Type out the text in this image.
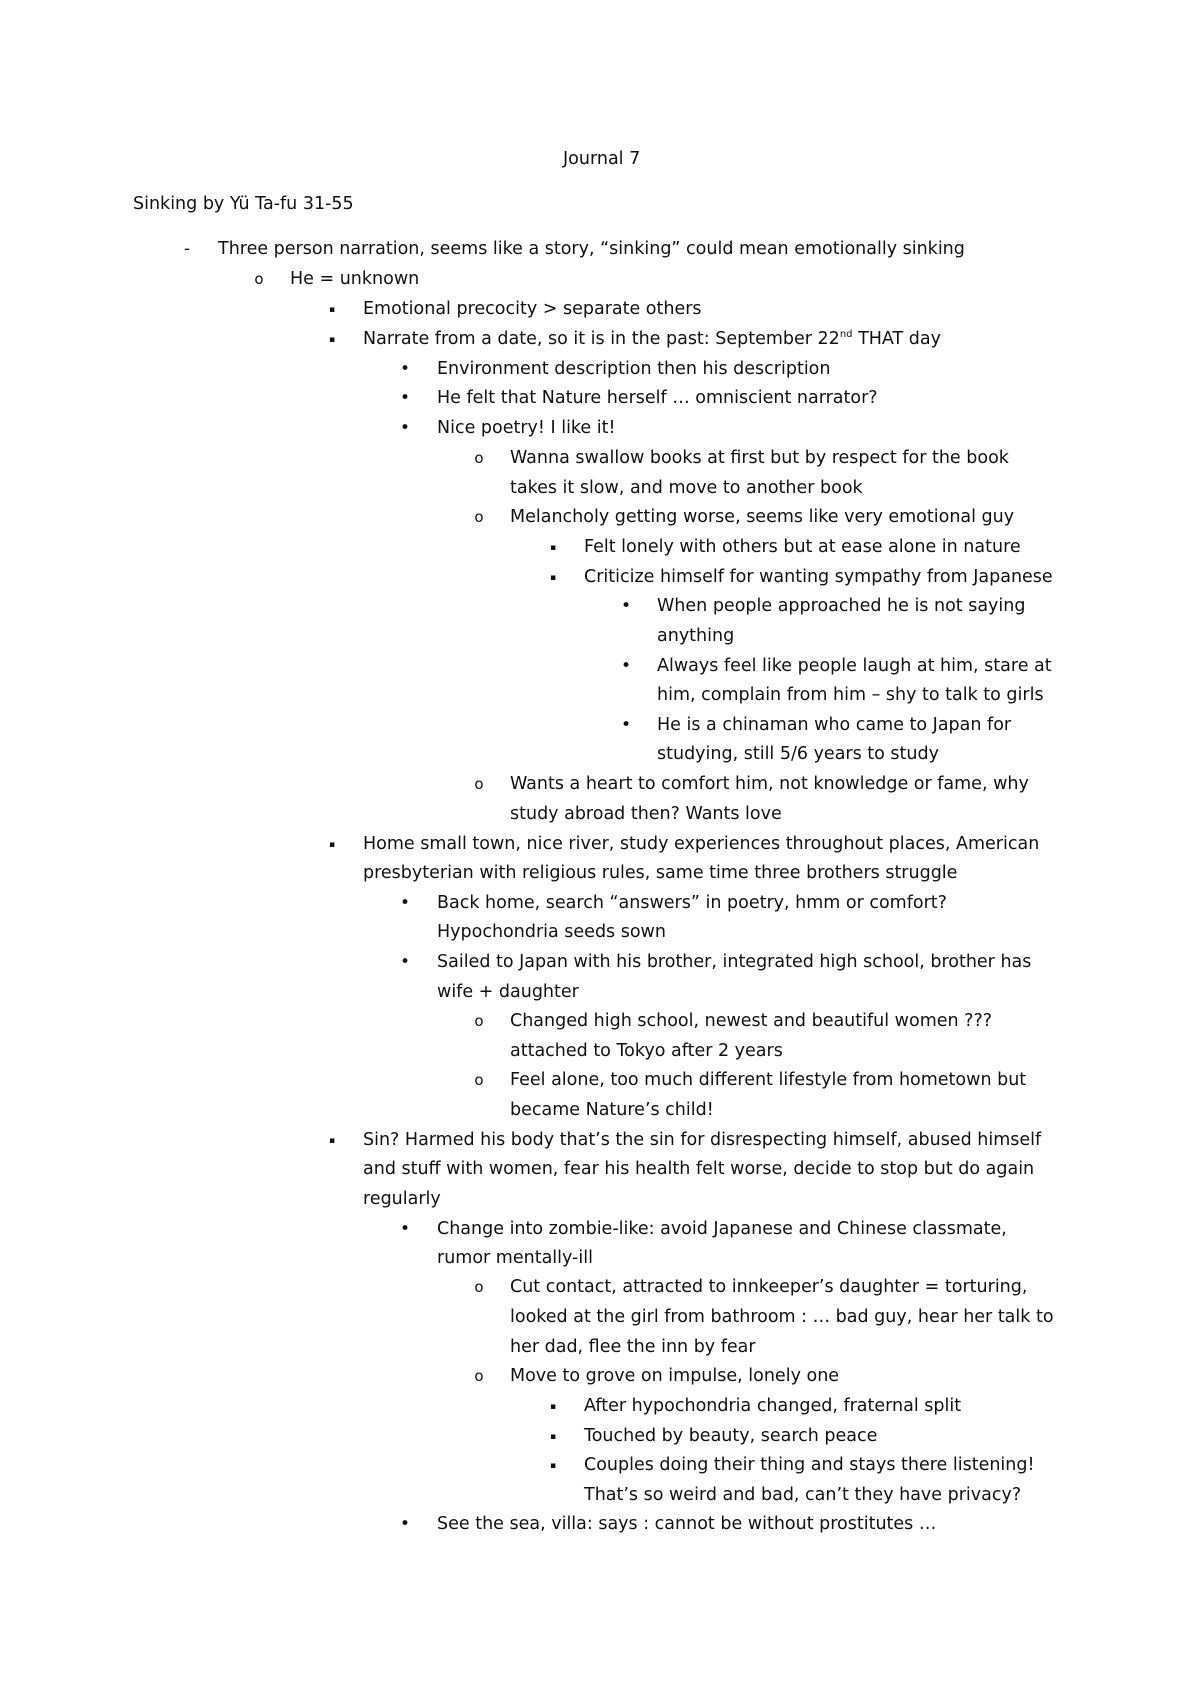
Journal 7
Sinking by Yü Ta-fu 31-55
- Three person narration, seems like a story, “sinking” could mean emotionally sinking
o He = unknown
▪ Emotional precocity > separate others
▪ Narrate from a date, so it is in the past: September 22nd THAT day
• Environment description then his description
• He felt that Nature herself … omniscient narrator?
• Nice poetry! I like it!
o Wanna swallow books at first but by respect for the book
takes it slow, and move to another book
o Melancholy getting worse, seems like very emotional guy
▪ Felt lonely with others but at ease alone in nature
▪ Criticize himself for wanting sympathy from Japanese
• When people approached he is not saying
anything
• Always feel like people laugh at him, stare at
him, complain from him – shy to talk to girls
• He is a chinaman who came to Japan for
studying, still 5/6 years to study
o Wants a heart to comfort him, not knowledge or fame, why
study abroad then? Wants love
▪ Home small town, nice river, study experiences throughout places, American
presbyterian with religious rules, same time three brothers struggle
• Back home, search “answers” in poetry, hmm or comfort?
Hypochondria seeds sown
• Sailed to Japan with his brother, integrated high school, brother has
wife + daughter
o Changed high school, newest and beautiful women ???
attached to Tokyo after 2 years
o Feel alone, too much different lifestyle from hometown but
became Nature’s child!
▪ Sin? Harmed his body that’s the sin for disrespecting himself, abused himself
and stuff with women, fear his health felt worse, decide to stop but do again
regularly
• Change into zombie-like: avoid Japanese and Chinese classmate,
rumor mentally-ill
o Cut contact, attracted to innkeeper’s daughter = torturing,
looked at the girl from bathroom : … bad guy, hear her talk to
her dad, flee the inn by fear
o Move to grove on impulse, lonely one
▪ After hypochondria changed, fraternal split
▪ Touched by beauty, search peace
▪ Couples doing their thing and stays there listening!
That’s so weird and bad, can’t they have privacy?
• See the sea, villa: says : cannot be without prostitutes …
